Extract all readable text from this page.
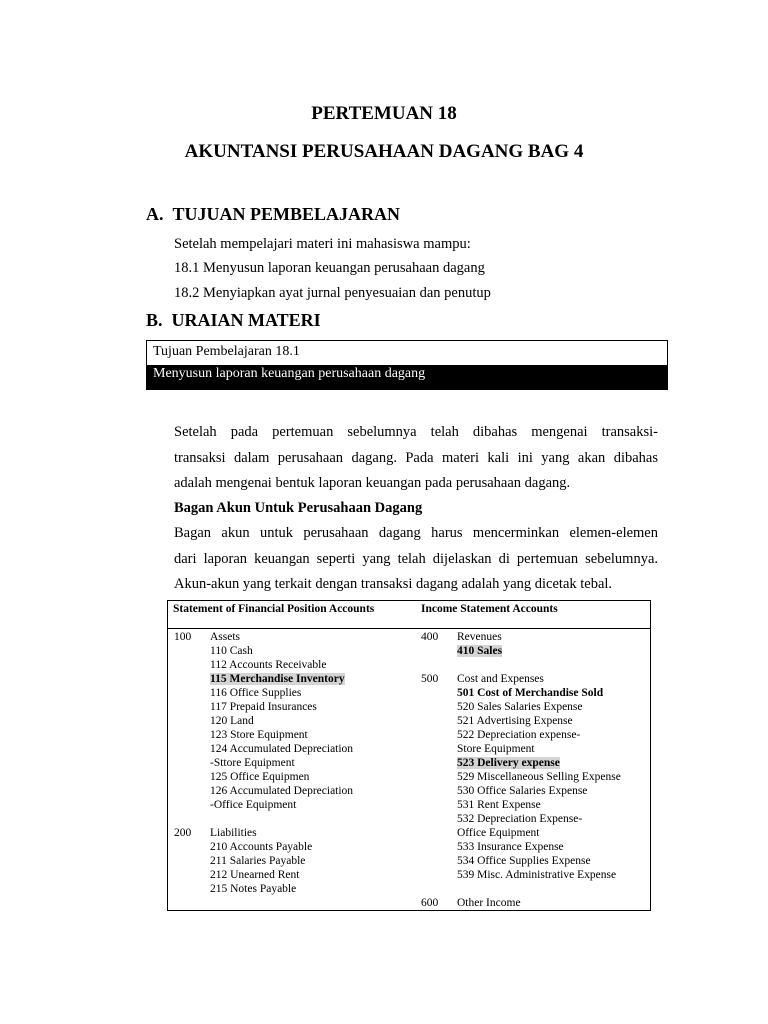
PERTEMUAN 18
AKUNTANSI PERUSAHAAN DAGANG BAG 4
A.  TUJUAN PEMBELAJARAN
Setelah mempelajari materi ini mahasiswa mampu:
18.1 Menyusun laporan keuangan perusahaan dagang
18.2 Menyiapkan ayat jurnal penyesuaian dan penutup
B.  URAIAN MATERI
Tujuan Pembelajaran 18.1
Menyusun laporan keuangan perusahaan dagang
Setelah pada pertemuan sebelumnya telah dibahas mengenai transaksi-
transaksi dalam perusahaan dagang. Pada materi kali ini yang akan dibahas
adalah mengenai bentuk laporan keuangan pada perusahaan dagang.
Bagan Akun Untuk Perusahaan Dagang
Bagan akun untuk perusahaan dagang harus mencerminkan elemen-elemen
dari laporan keuangan seperti yang telah dijelaskan di pertemuan sebelumnya.
Akun-akun yang terkait dengan transaksi dagang adalah yang dicetak tebal.
Statement of Financial Position Accounts	Income Statement Accounts
100
200
Assets
110 Cash
112 Accounts Receivable
115 Merchandise Inventory
116 Office Supplies
117 Prepaid Insurances
120 Land
123 Store Equipment
124 Accumulated Depreciation
-Sttore Equipment
125 Office Equipmen
126 Accumulated Depreciation
-Office Equipment
Liabilities
210 Accounts Payable
211 Salaries Payable
212 Unearned Rent
215 Notes Payable
400
500
600
Revenues
410 Sales
Cost and Expenses
501 Cost of Merchandise Sold
520 Sales Salaries Expense
521 Advertising Expense
522 Depreciation expense-
Store Equipment
523 Delivery expense
529 Miscellaneous Selling Expense
530 Office Salaries Expense
531 Rent Expense
532 Depreciation Expense-
Office Equipment
533 Insurance Expense
534 Office Supplies Expense
539 Misc. Administrative Expense
Other Income
